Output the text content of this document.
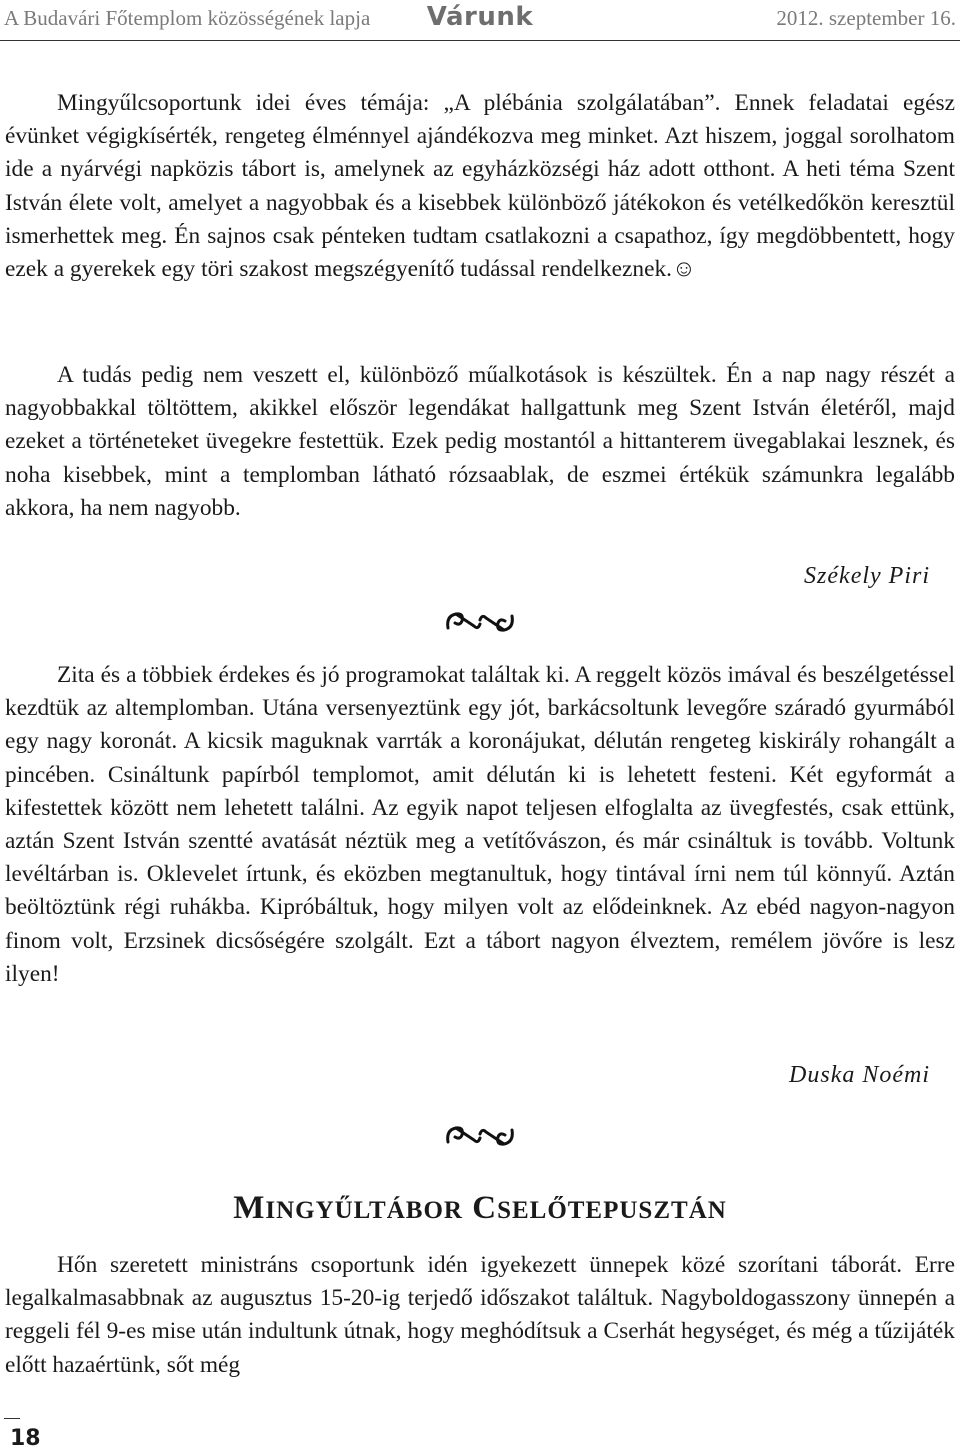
A Budavári Főtemplom közösségének lapja	Várunk	2012. szeptember 16.
Mingyűlcsoportunk idei éves témája: „A plébánia szolgálatában”. Ennek feladatai egész évünket végigkísérték, rengeteg élménnyel ajándékozva meg minket. Azt hiszem, joggal sorolhatom ide a nyárvégi napközis tábort is, amelynek az egyházközségi ház adott otthont. A heti téma Szent István élete volt, amelyet a nagyobbak és a kisebbek különböző játékokon és vetélkedőkön keresztül ismerhettek meg. Én sajnos csak pénteken tudtam csatlakozni a csapathoz, így megdöbbentett, hogy ezek a gyerekek egy töri szakost megszégyenítő tudással rendelkeznek.☺
A tudás pedig nem veszett el, különböző műalkotások is készültek. Én a nap nagy részét a nagyobbakkal töltöttem, akikkel először legendákat hallgattunk meg Szent István életéről, majd ezeket a történeteket üvegekre festettük. Ezek pedig mostantól a hittanterem üvegablakai lesznek, és noha kisebbek, mint a templomban látható rózsaablak, de eszmei értékük számunkra legalább akkora, ha nem nagyobb.
Székely Piri
Zita és a többiek érdekes és jó programokat találtak ki. A reggelt közös imával és beszélgetéssel kezdtük az altemplomban. Utána versenyeztünk egy jót, barkácsoltunk levegőre száradó gyurmából egy nagy koronát. A kicsik maguknak varrták a koronájukat, délután rengeteg kiskirály rohangált a pincében. Csináltunk papírból templomot, amit délután ki is lehetett festeni. Két egyformát a kifestettek között nem lehetett találni. Az egyik napot teljesen elfoglalta az üvegfestés, csak ettünk, aztán Szent István szentté avatását néztük meg a vetítővászon, és már csináltuk is tovább. Voltunk levéltárban is. Oklevelet írtunk, és eközben megtanultuk, hogy tintával írni nem túl könnyű. Aztán beöltöztünk régi ruhákba. Kipróbáltuk, hogy milyen volt az elődeinknek. Az ebéd nagyon-nagyon finom volt, Erzsinek dicsőségére szolgált. Ezt a tábort nagyon élveztem, remélem jövőre is lesz ilyen!
Duska Noémi
MINGYŰLTÁBOR CSELŐTEPUSZTÁN
Hőn szeretett ministráns csoportunk idén igyekezett ünnepek közé szorítani táborát. Erre legalkalmasabbnak az augusztus 15-20-ig terjedő időszakot találtuk. Nagyboldogasszony ünnepén a reggeli fél 9-es mise után indultunk útnak, hogy meghódítsuk a Cserhát hegységet, és még a tűzijáték előtt hazaértünk, sőt még
18
